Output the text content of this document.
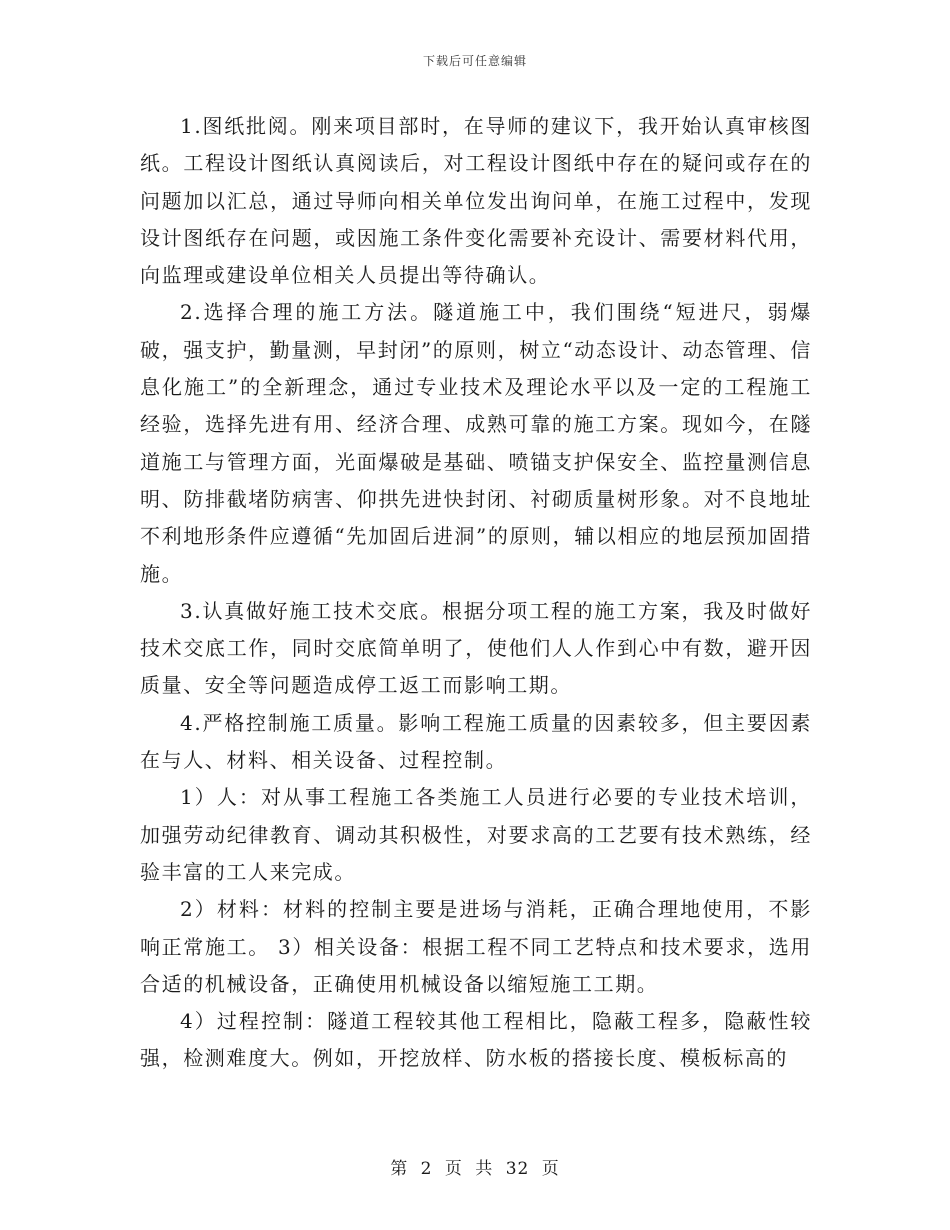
下载后可任意编辑

1.图纸批阅。刚来项目部时，在导师的建议下，我开始认真审核图纸。工程设计图纸认真阅读后，对工程设计图纸中存在的疑问或存在的问题加以汇总，通过导师向相关单位发出询问单，在施工过程中，发现设计图纸存在问题，或因施工条件变化需要补充设计、需要材料代用，向监理或建设单位相关人员提出等待确认。

2.选择合理的施工方法。隧道施工中，我们围绕“短进尺，弱爆破，强支护，勤量测，早封闭”的原则，树立“动态设计、动态管理、信息化施工”的全新理念，通过专业技术及理论水平以及一定的工程施工经验，选择先进有用、经济合理、成熟可靠的施工方案。现如今，在隧道施工与管理方面，光面爆破是基础、喷锚支护保安全、监控量测信息明、防排截堵防病害、仰拱先进快封闭、衬砌质量树形象。对不良地址不利地形条件应遵循“先加固后进洞”的原则，辅以相应的地层预加固措施。

3.认真做好施工技术交底。根据分项工程的施工方案，我及时做好技术交底工作，同时交底简单明了，使他们人人作到心中有数，避开因质量、安全等问题造成停工返工而影响工期。

4.严格控制施工质量。影响工程施工质量的因素较多，但主要因素在与人、材料、相关设备、过程控制。

1）人：对从事工程施工各类施工人员进行必要的专业技术培训，加强劳动纪律教育、调动其积极性，对要求高的工艺要有技术熟练，经验丰富的工人来完成。

2）材料：材料的控制主要是进场与消耗，正确合理地使用，不影响正常施工。 3）相关设备：根据工程不同工艺特点和技术要求，选用合适的机械设备，正确使用机械设备以缩短施工工期。

4）过程控制：隧道工程较其他工程相比，隐蔽工程多，隐蔽性较强，检测难度大。例如，开挖放样、防水板的搭接长度、模板标高的

第 2 页 共 32 页
